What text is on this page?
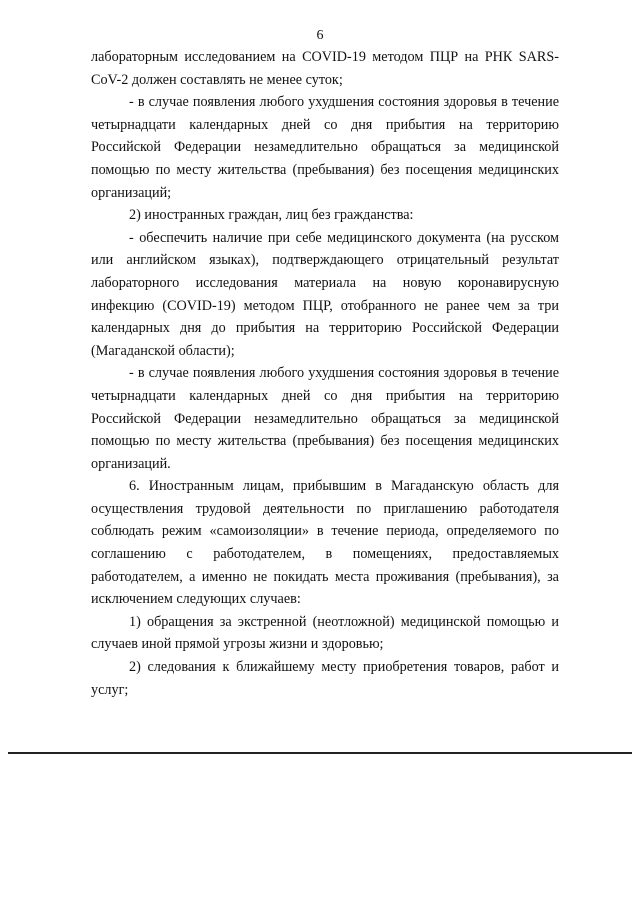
6

лабораторным исследованием на COVID-19 методом ПЦР на РНК SARS-CoV-2 должен составлять не менее суток;

- в случае появления любого ухудшения состояния здоровья в течение четырнадцати календарных дней со дня прибытия на территорию Российской Федерации незамедлительно обращаться за медицинской помощью по месту жительства (пребывания) без посещения медицинских организаций;

2) иностранных граждан, лиц без гражданства:

- обеспечить наличие при себе медицинского документа (на русском или английском языках), подтверждающего отрицательный результат лабораторного исследования материала на новую коронавирусную инфекцию (COVID-19) методом ПЦР, отобранного не ранее чем за три календарных дня до прибытия на территорию Российской Федерации (Магаданской области);

- в случае появления любого ухудшения состояния здоровья в течение четырнадцати календарных дней со дня прибытия на территорию Российской Федерации незамедлительно обращаться за медицинской помощью по месту жительства (пребывания) без посещения медицинских организаций.

6. Иностранным лицам, прибывшим в Магаданскую область для осуществления трудовой деятельности по приглашению работодателя соблюдать режим «самоизоляции» в течение периода, определяемого по соглашению с работодателем, в помещениях, предоставляемых работодателем, а именно не покидать места проживания (пребывания), за исключением следующих случаев:

1) обращения за экстренной (неотложной) медицинской помощью и случаев иной прямой угрозы жизни и здоровью;

2) следования к ближайшему месту приобретения товаров, работ и услуг;
